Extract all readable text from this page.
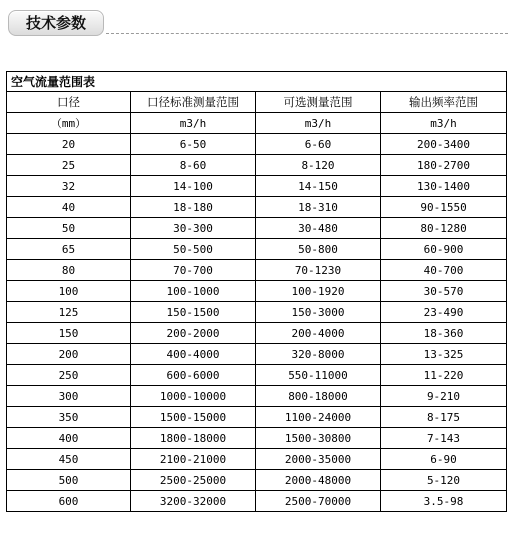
技术参数
空气流量范围表			
口径	口径标准测量范围	可选测量范围	输出频率范围
（mm）	m3/h	m3/h	m3/h
20	6-50	6-60	200-3400
25	8-60	8-120	180-2700
32	14-100	14-150	130-1400
40	18-180	18-310	90-1550
50	30-300	30-480	80-1280
65	50-500	50-800	60-900
80	70-700	70-1230	40-700
100	100-1000	100-1920	30-570
125	150-1500	150-3000	23-490
150	200-2000	200-4000	18-360
200	400-4000	320-8000	13-325
250	600-6000	550-11000	11-220
300	1000-10000	800-18000	9-210
350	1500-15000	1100-24000	8-175
400	1800-18000	1500-30800	7-143
450	2100-21000	2000-35000	6-90
500	2500-25000	2000-48000	5-120
600	3200-32000	2500-70000	3.5-98
